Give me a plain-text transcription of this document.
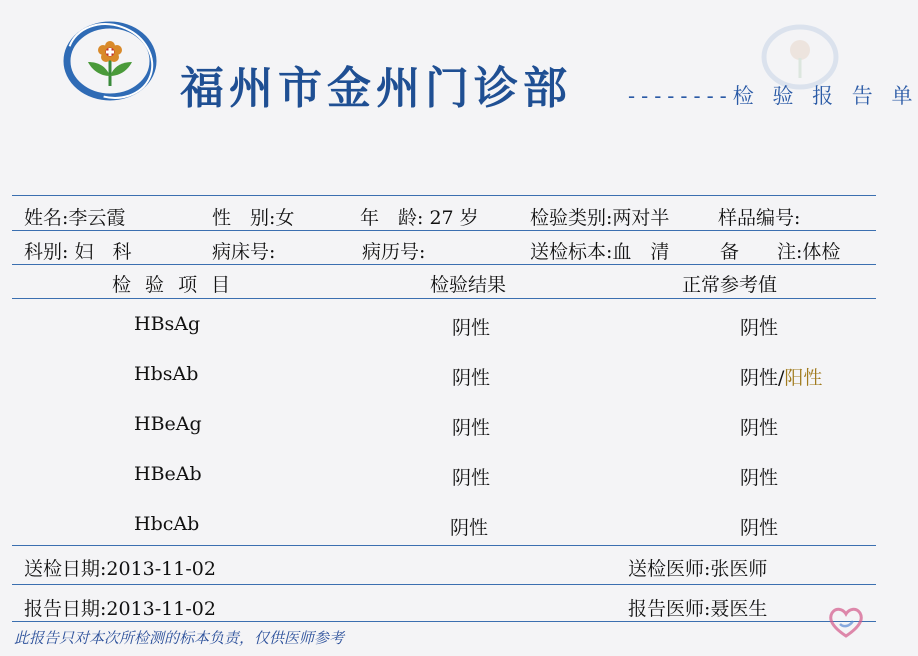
福州市金州门诊部	--------检 验 报 告 单
姓名:李云霞	性　别:女	年　龄: 27 岁	检验类别:两对半	样品编号:
科别: 妇　科	病床号:	病历号:	送检标本:血　清	备　　注:体检
检 验 项 目	检验结果	正常参考值
HBsAg	阴性	阴性
HbsAb	阴性	阴性/阳性
HBeAg	阴性	阴性
HBeAb	阴性	阴性
HbcAb	阴性	阴性
送检日期:2013-11-02	送检医师:张医师
报告日期:2013-11-02	报告医师:聂医生
此报告只对本次所检测的标本负责，仅供医师参考
